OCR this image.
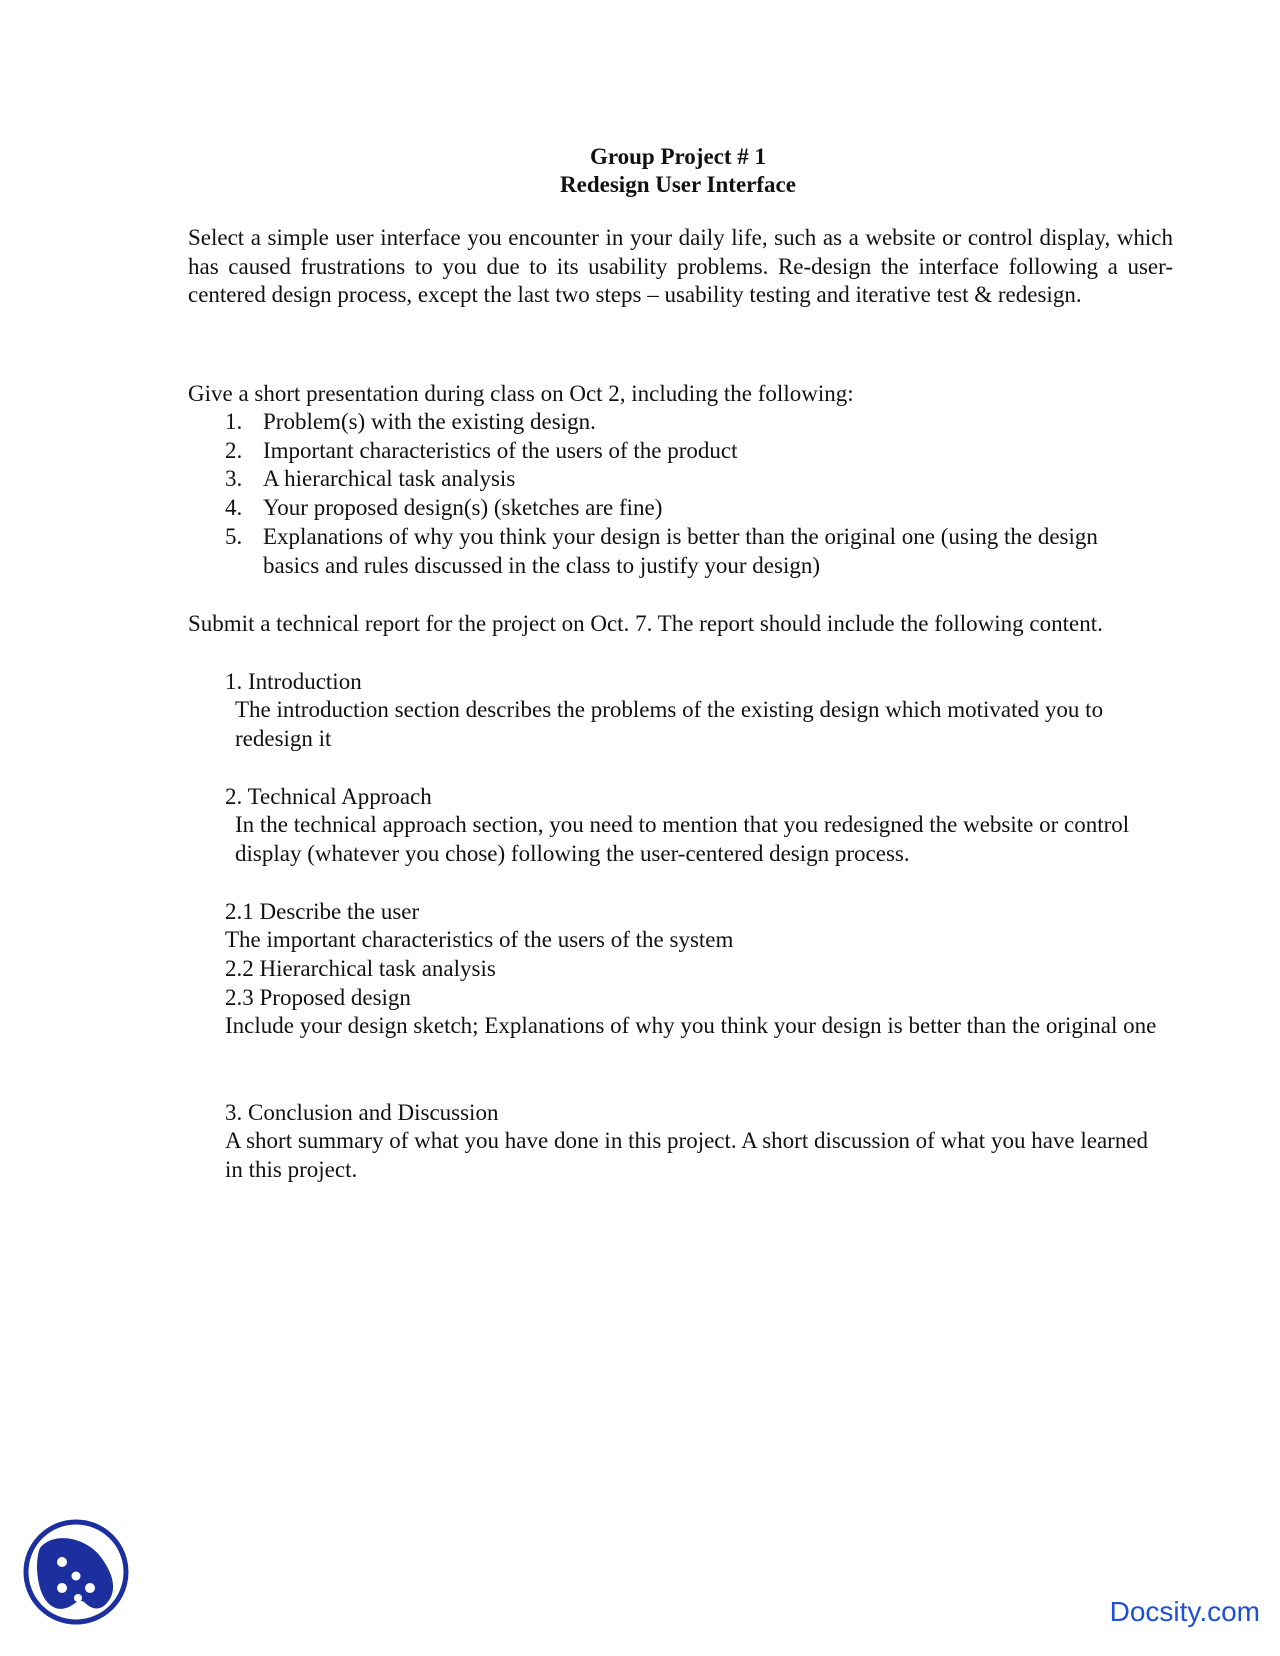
Group Project # 1
Redesign User Interface
Select a simple user interface you encounter in your daily life, such as a website or control display, which has caused frustrations to you due to its usability problems. Re-design the interface following a user-centered design process, except the last two steps – usability testing and iterative test & redesign.
Give a short presentation during class on Oct 2, including the following:
1. Problem(s) with the existing design.
2. Important characteristics of the users of the product
3. A hierarchical task analysis
4. Your proposed design(s) (sketches are fine)
5. Explanations of why you think your design is better than the original one (using the design basics and rules discussed in the class to justify your design)
Submit a technical report for the project on Oct. 7. The report should include the following content.
1. Introduction
The introduction section describes the problems of the existing design which motivated you to redesign it
2. Technical Approach
In the technical approach section, you need to mention that you redesigned the website or control display (whatever you chose) following the user-centered design process.
2.1 Describe the user
The important characteristics of the users of the system
2.2 Hierarchical task analysis
2.3 Proposed design
Include your design sketch; Explanations of why you think your design is better than the original one
3. Conclusion and Discussion
A short summary of what you have done in this project. A short discussion of what you have learned in this project.
Docsity.com
